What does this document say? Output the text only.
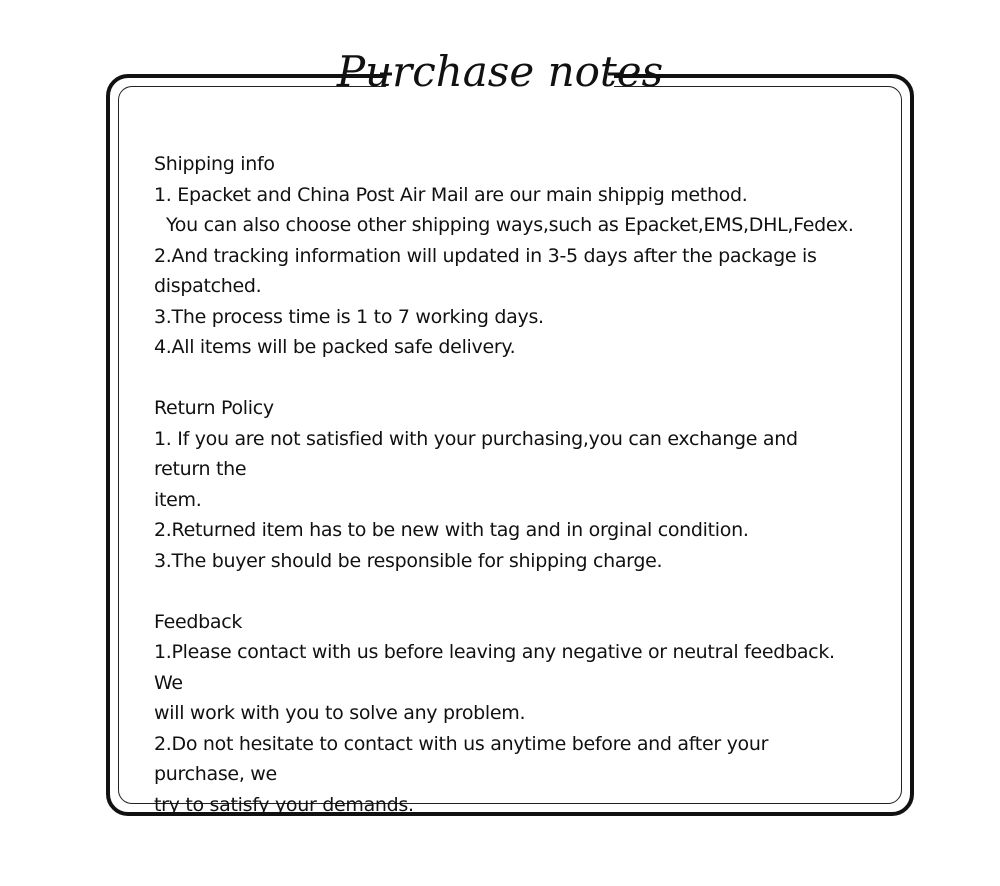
Purchase notes
Shipping info
1. Epacket and China Post Air Mail are our main shippig method.
You can also choose other shipping ways,such as Epacket,EMS,DHL,Fedex.
2.And tracking information will updated in 3-5 days after the package is
dispatched.
3.The process time is 1 to 7 working days.
4.All items will be packed safe delivery.
Return Policy
1. If you are not satisfied with your purchasing,you can exchange and return the
item.
2.Returned item has to be new with tag and in orginal condition.
3.The buyer should be responsible for shipping charge.
Feedback
1.Please contact with us before leaving any negative or neutral feedback. We
will work with you to solve any problem.
2.Do not hesitate to contact with us anytime before and after your purchase, we
try to satisfy your demands.
